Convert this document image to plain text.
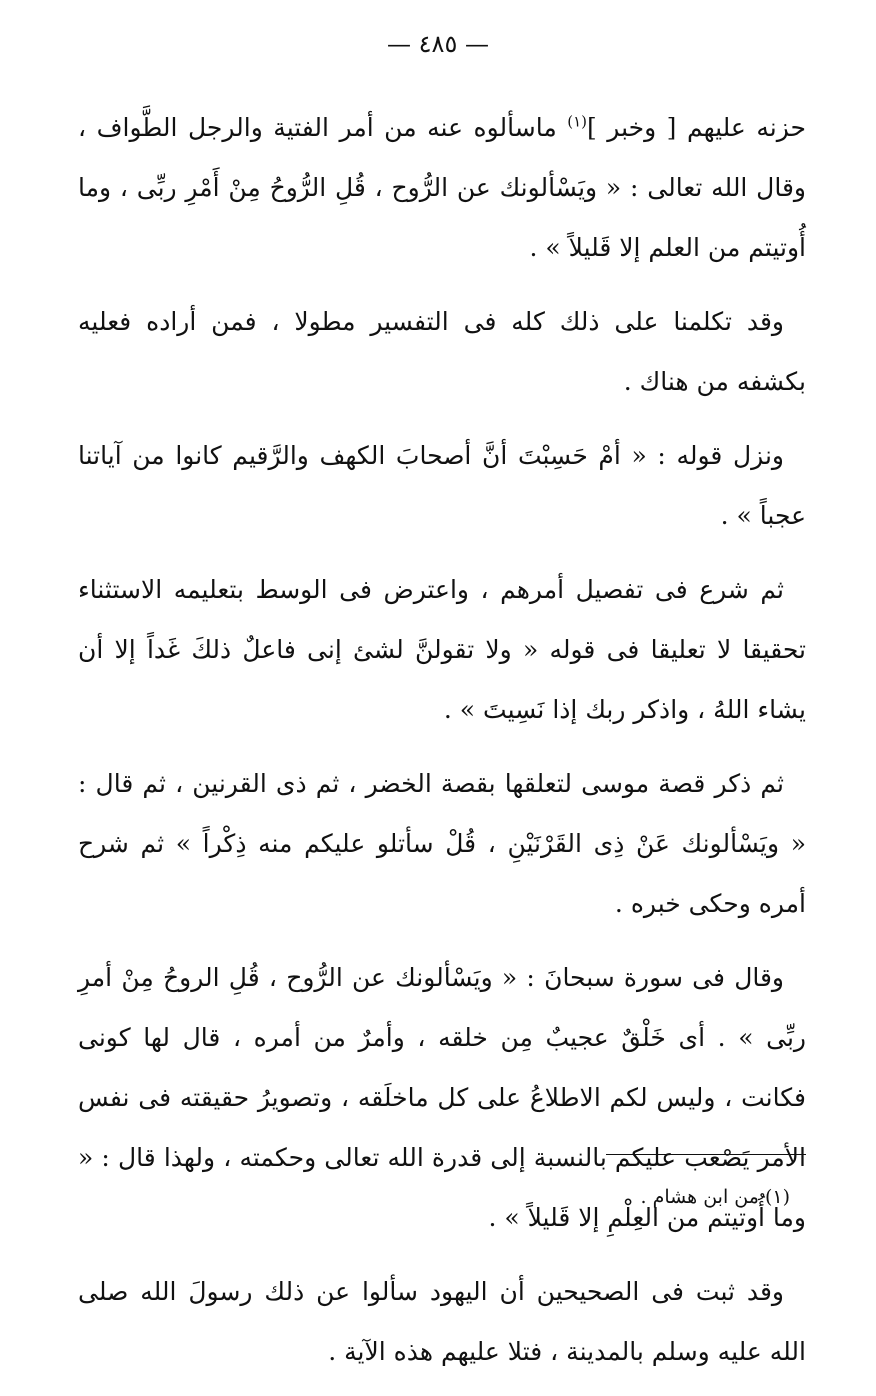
— ٤٨٥ —

حزنه عليهم [ وخبر ]$^{(١)}$ ماسألوه عنه من أمر الفتية والرجل الطَّواف ، وقال الله تعالى : « ويَسْألونك عن الرُّوح ، قُلِ الرُّوحُ مِنْ أَمْرِ ربِّى ، وما أُوتيتم من العلم إلا قَليلاً » .

وقد تكلمنا على ذلك كله فى التفسير مطولا ، فمن أراده فعليه بكشفه من هناك .

ونزل قوله : « أمْ حَسِبْتَ أنَّ أصحابَ الكهف والرَّقيم كانوا من آياتنا عجباً » .

ثم شرع فى تفصيل أمرهم ، واعترض فى الوسط بتعليمه الاستثناء تحقيقا لا تعليقا فى قوله « ولا تقولنَّ لشئ إنى فاعلٌ ذلكَ غَداً إلا أن يشاء اللهُ ، واذكر ربك إذا نَسِيتَ » .

ثم ذكر قصة موسى لتعلقها بقصة الخضر ، ثم ذى القرنين ، ثم قال : « ويَسْألونك عَنْ ذِى القَرْنَيْنِ ، قُلْ سأتلو عليكم منه ذِكْراً » ثم شرح أمره وحكى خبره .

وقال فى سورة سبحانَ : « ويَسْألونك عن الرُّوح ، قُلِ الروحُ مِنْ أمرِ ربِّى » . أى خَلْقٌ عجيبٌ مِن خلقه ، وأمرٌ من أمره ، قال لها كونى فكانت ، وليس لكم الاطلاعُ على كل ماخلَقه ، وتصويرُ حقيقته فى نفس الأمر يَصْعب عليكم بالنسبة إلى قدرة الله تعالى وحكمته ، ولهذا قال : « وما أُوتيتم من العِلْمِ إلا قَليلاً » .

وقد ثبت فى الصحيحين أن اليهود سألوا عن ذلك رسولَ الله صلى الله عليه وسلم بالمدينة ، فتلا عليهم هذه الآية .

(١) من ابن هشام .
